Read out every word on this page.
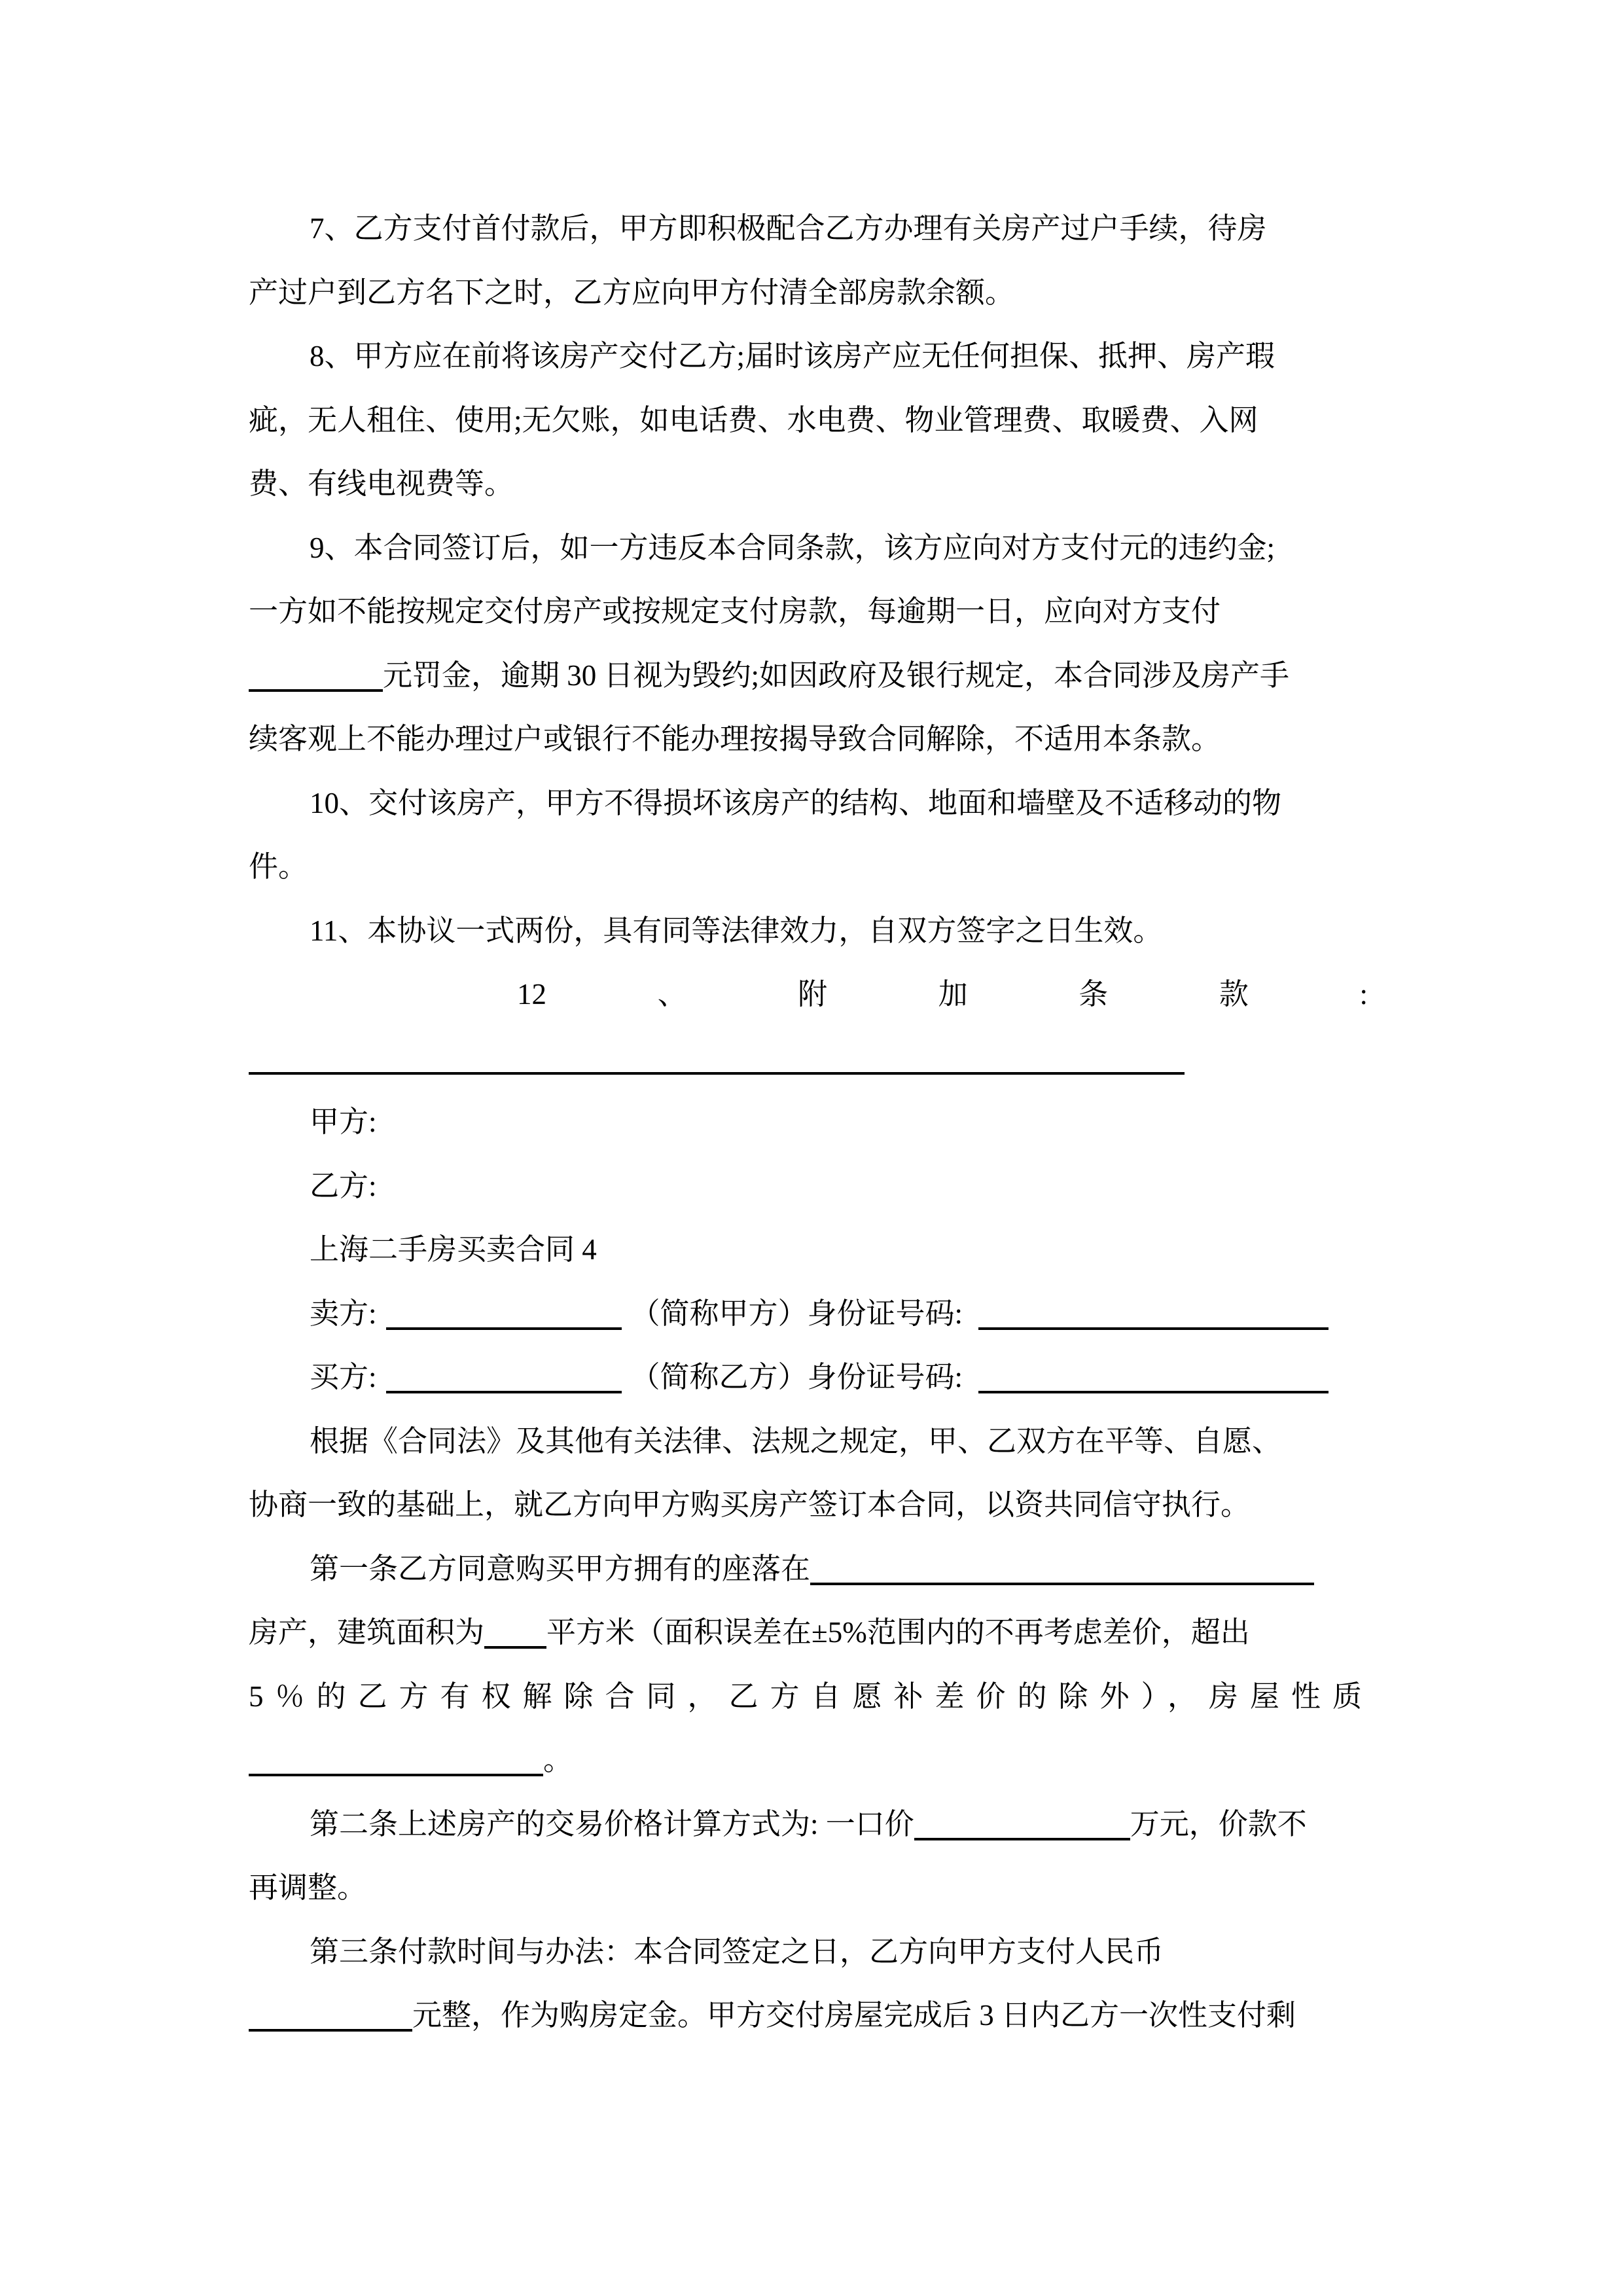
7、乙方支付首付款后，甲方即积极配合乙方办理有关房产过户手续，待房
产过户到乙方名下之时，乙方应向甲方付清全部房款余额。
8、甲方应在前将该房产交付乙方;届时该房产应无任何担保、抵押、房产瑕
疵，无人租住、使用;无欠账，如电话费、水电费、物业管理费、取暖费、入网
费、有线电视费等。
9、本合同签订后，如一方违反本合同条款，该方应向对方支付元的违约金;
一方如不能按规定交付房产或按规定支付房款，每逾期一日，应向对方支付
元罚金，逾期 30 日视为毁约;如因政府及银行规定，本合同涉及房产手
续客观上不能办理过户或银行不能办理按揭导致合同解除，不适用本条款。
10、交付该房产，甲方不得损坏该房产的结构、地面和墙壁及不适移动的物
件。
11、本协议一式两份，具有同等法律效力，自双方签字之日生效。
12	、	附	加	条	款	:
甲方:
乙方:
上海二手房买卖合同 4
卖方:	（简称甲方）身份证号码:
买方:	（简称乙方）身份证号码:
根据《合同法》及其他有关法律、法规之规定，甲、乙双方在平等、自愿、
协商一致的基础上，就乙方向甲方购买房产签订本合同，以资共同信守执行。
第一条乙方同意购买甲方拥有的座落在
房产，建筑面积为 平方米（面积误差在±5%范围内的不再考虑差价，超出
5％的乙方有权解除合同，乙方自愿补差价的除外），房屋性质
。
第二条上述房产的交易价格计算方式为: 一口价	万元，价款不
再调整。
第三条付款时间与办法：本合同签定之日，乙方向甲方支付人民币
元整，作为购房定金。甲方交付房屋完成后 3 日内乙方一次性支付剩
